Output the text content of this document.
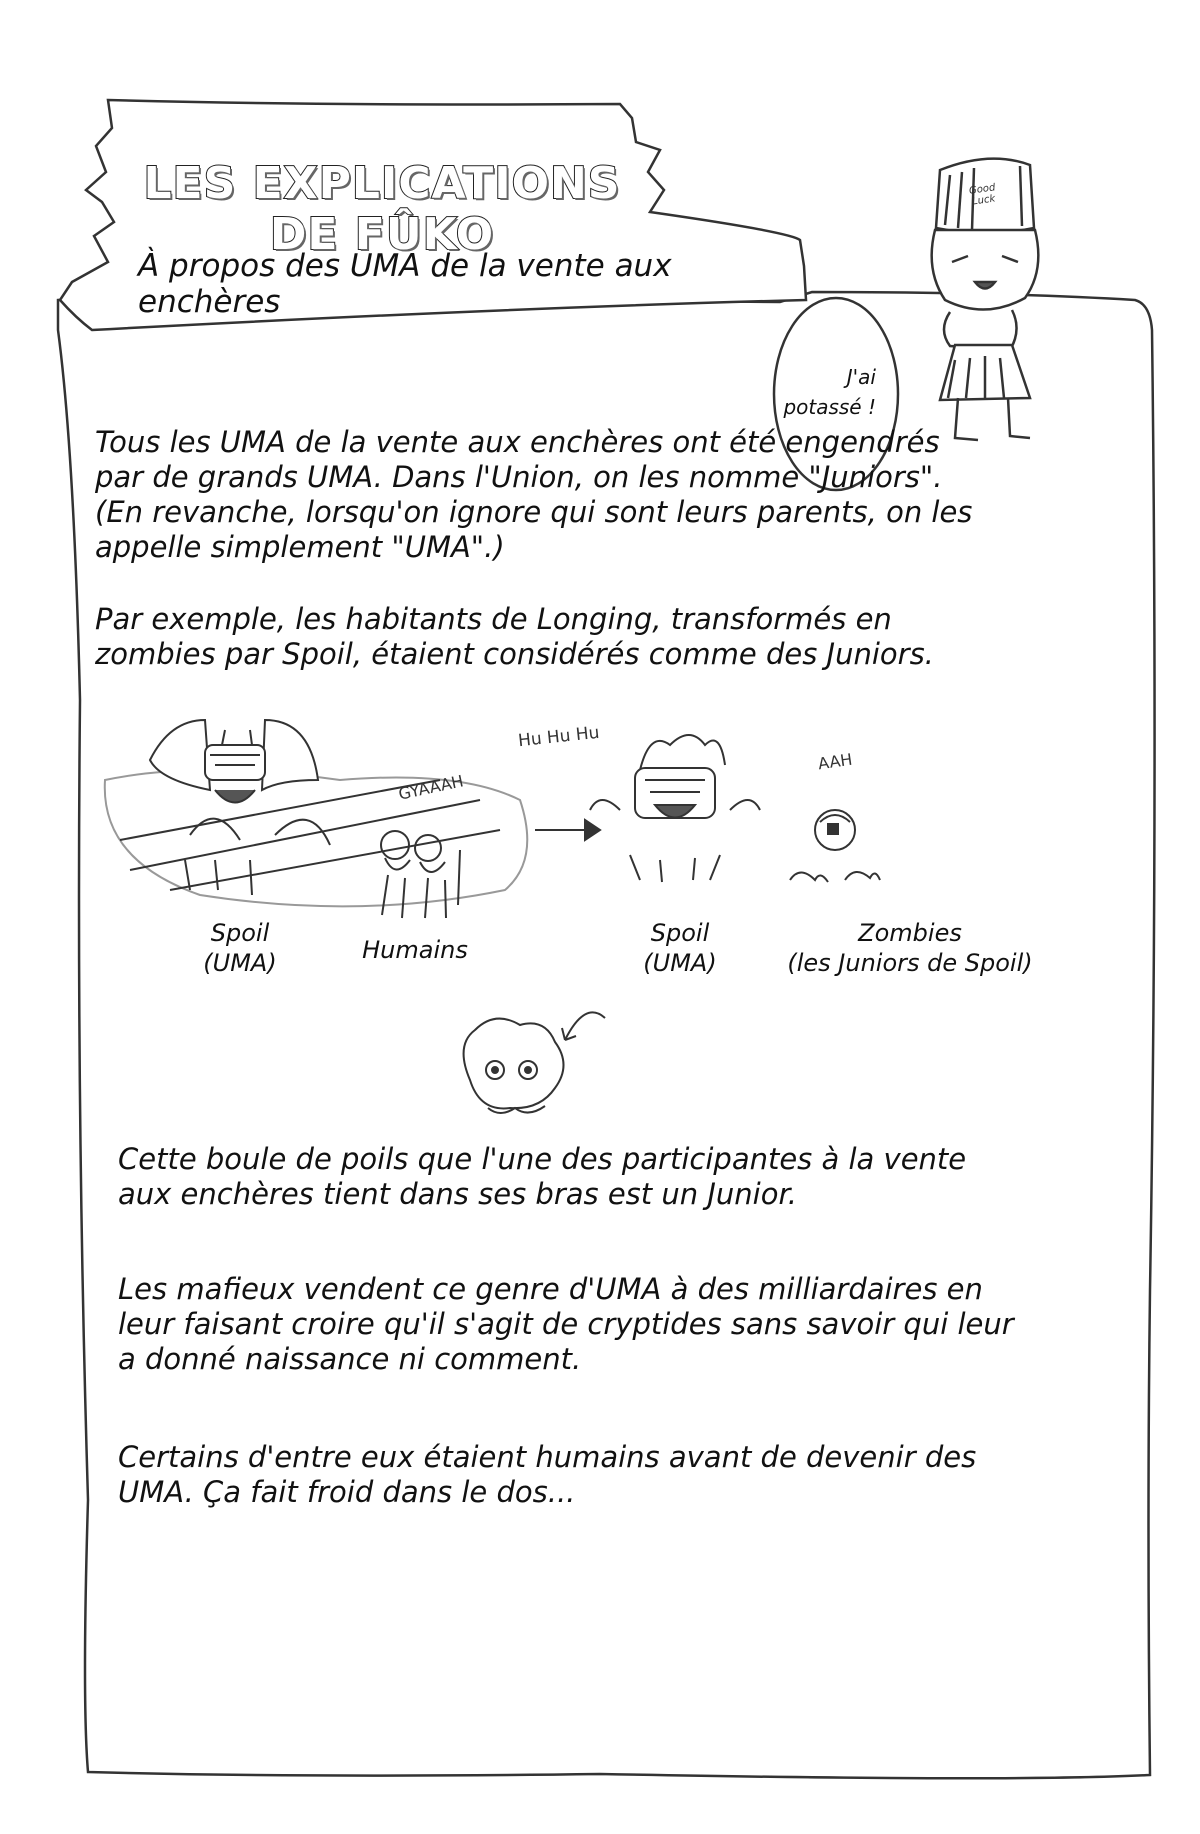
LES EXPLICATIONS DE FÛKO
À propos des UMA de la vente aux enchères
Good
Luck
J'ai
potassé !

Tous les UMA de la vente aux enchères ont été engendrés par de grands UMA. Dans l'Union, on les nomme "Juniors". (En revanche, lorsqu'on ignore qui sont leurs parents, on les appelle simplement "UMA".)

Par exemple, les habitants de Longing, transformés en zombies par Spoil, étaient considérés comme des Juniors.

GYAAAH
Hu Hu Hu
AAH
Spoil
(UMA)	Humains
Spoil
(UMA)
Zombies
(les Juniors de Spoil)

Cette boule de poils que l'une des participantes à la vente aux enchères tient dans ses bras est un Junior.

Les mafieux vendent ce genre d'UMA à des milliardaires en leur faisant croire qu'il s'agit de cryptides sans savoir qui leur a donné naissance ni comment.

Certains d'entre eux étaient humains avant de devenir des UMA. Ça fait froid dans le dos...
